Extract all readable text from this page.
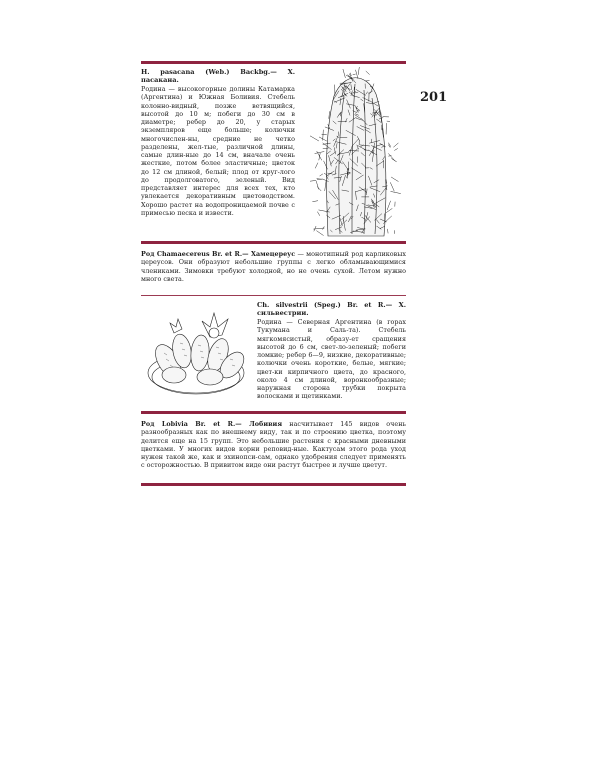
201
H. pasacana (Web.) Backbg.— Х. пасакана.
Родина — высокогорные долины Катамарка (Аргентина) и Южная Боливия. Стебель колонно-видный, позже ветвящийся, высотой до 10 м; побеги до 30 см в диаметре; ребер до 20, у старых экземпляров еще больше; колючки многочислен-ны, средние не четко разделены, жел-тые, различной длины, самые длин-ные до 14 см, вначале очень жесткие, потом более эластичные; цветок до 12 см длиной, белый; плод от круг-лого до продолговатого, зеленый. Вид представляет интерес для всех тех, кто увлекается декоративным цветоводством. Хорошо растет на водопроницаемой почве с примесью песка и извести.
Род Chamaecereus Br. et R.— Хамецереус — монотипный род карликовых цереусов. Они образуют небольшие группы с легко обламывающимися члениками. Зимовки требуют холодной, но не очень сухой. Летом нужно много света.
Ch. silvestrii (Speg.) Br. et R.— Х. сильвестрии.
Родина — Северная Аргентина (в горах Тукумана и Саль-та). Стебель мягкомясистый, образу-ет сращения высотой до 6 см, свет-ло-зеленый; побеги ломкие; ребер 6—9, низкие, декоративные; колючки очень короткие, белые, мягкие; цвет-ки кирпичного цвета, до красного, около 4 см длиной, воронкообразные; наружная сторона трубки покрыта волосками и щетинками.
Род Lobivia Br. et R.— Лобивия насчитывает 145 видов очень разнообразных как по внешнему виду, так и по строению цветка, поэтому делится еще на 15 групп. Это небольшие растения с красными дневными цветками. У многих видов корни реповид-ные. Кактусам этого рода уход нужен такой же, как и эхинопси-сам, однако удобрения следует применять с осторожностью. В привитом виде они растут быстрее и лучше цветут.
